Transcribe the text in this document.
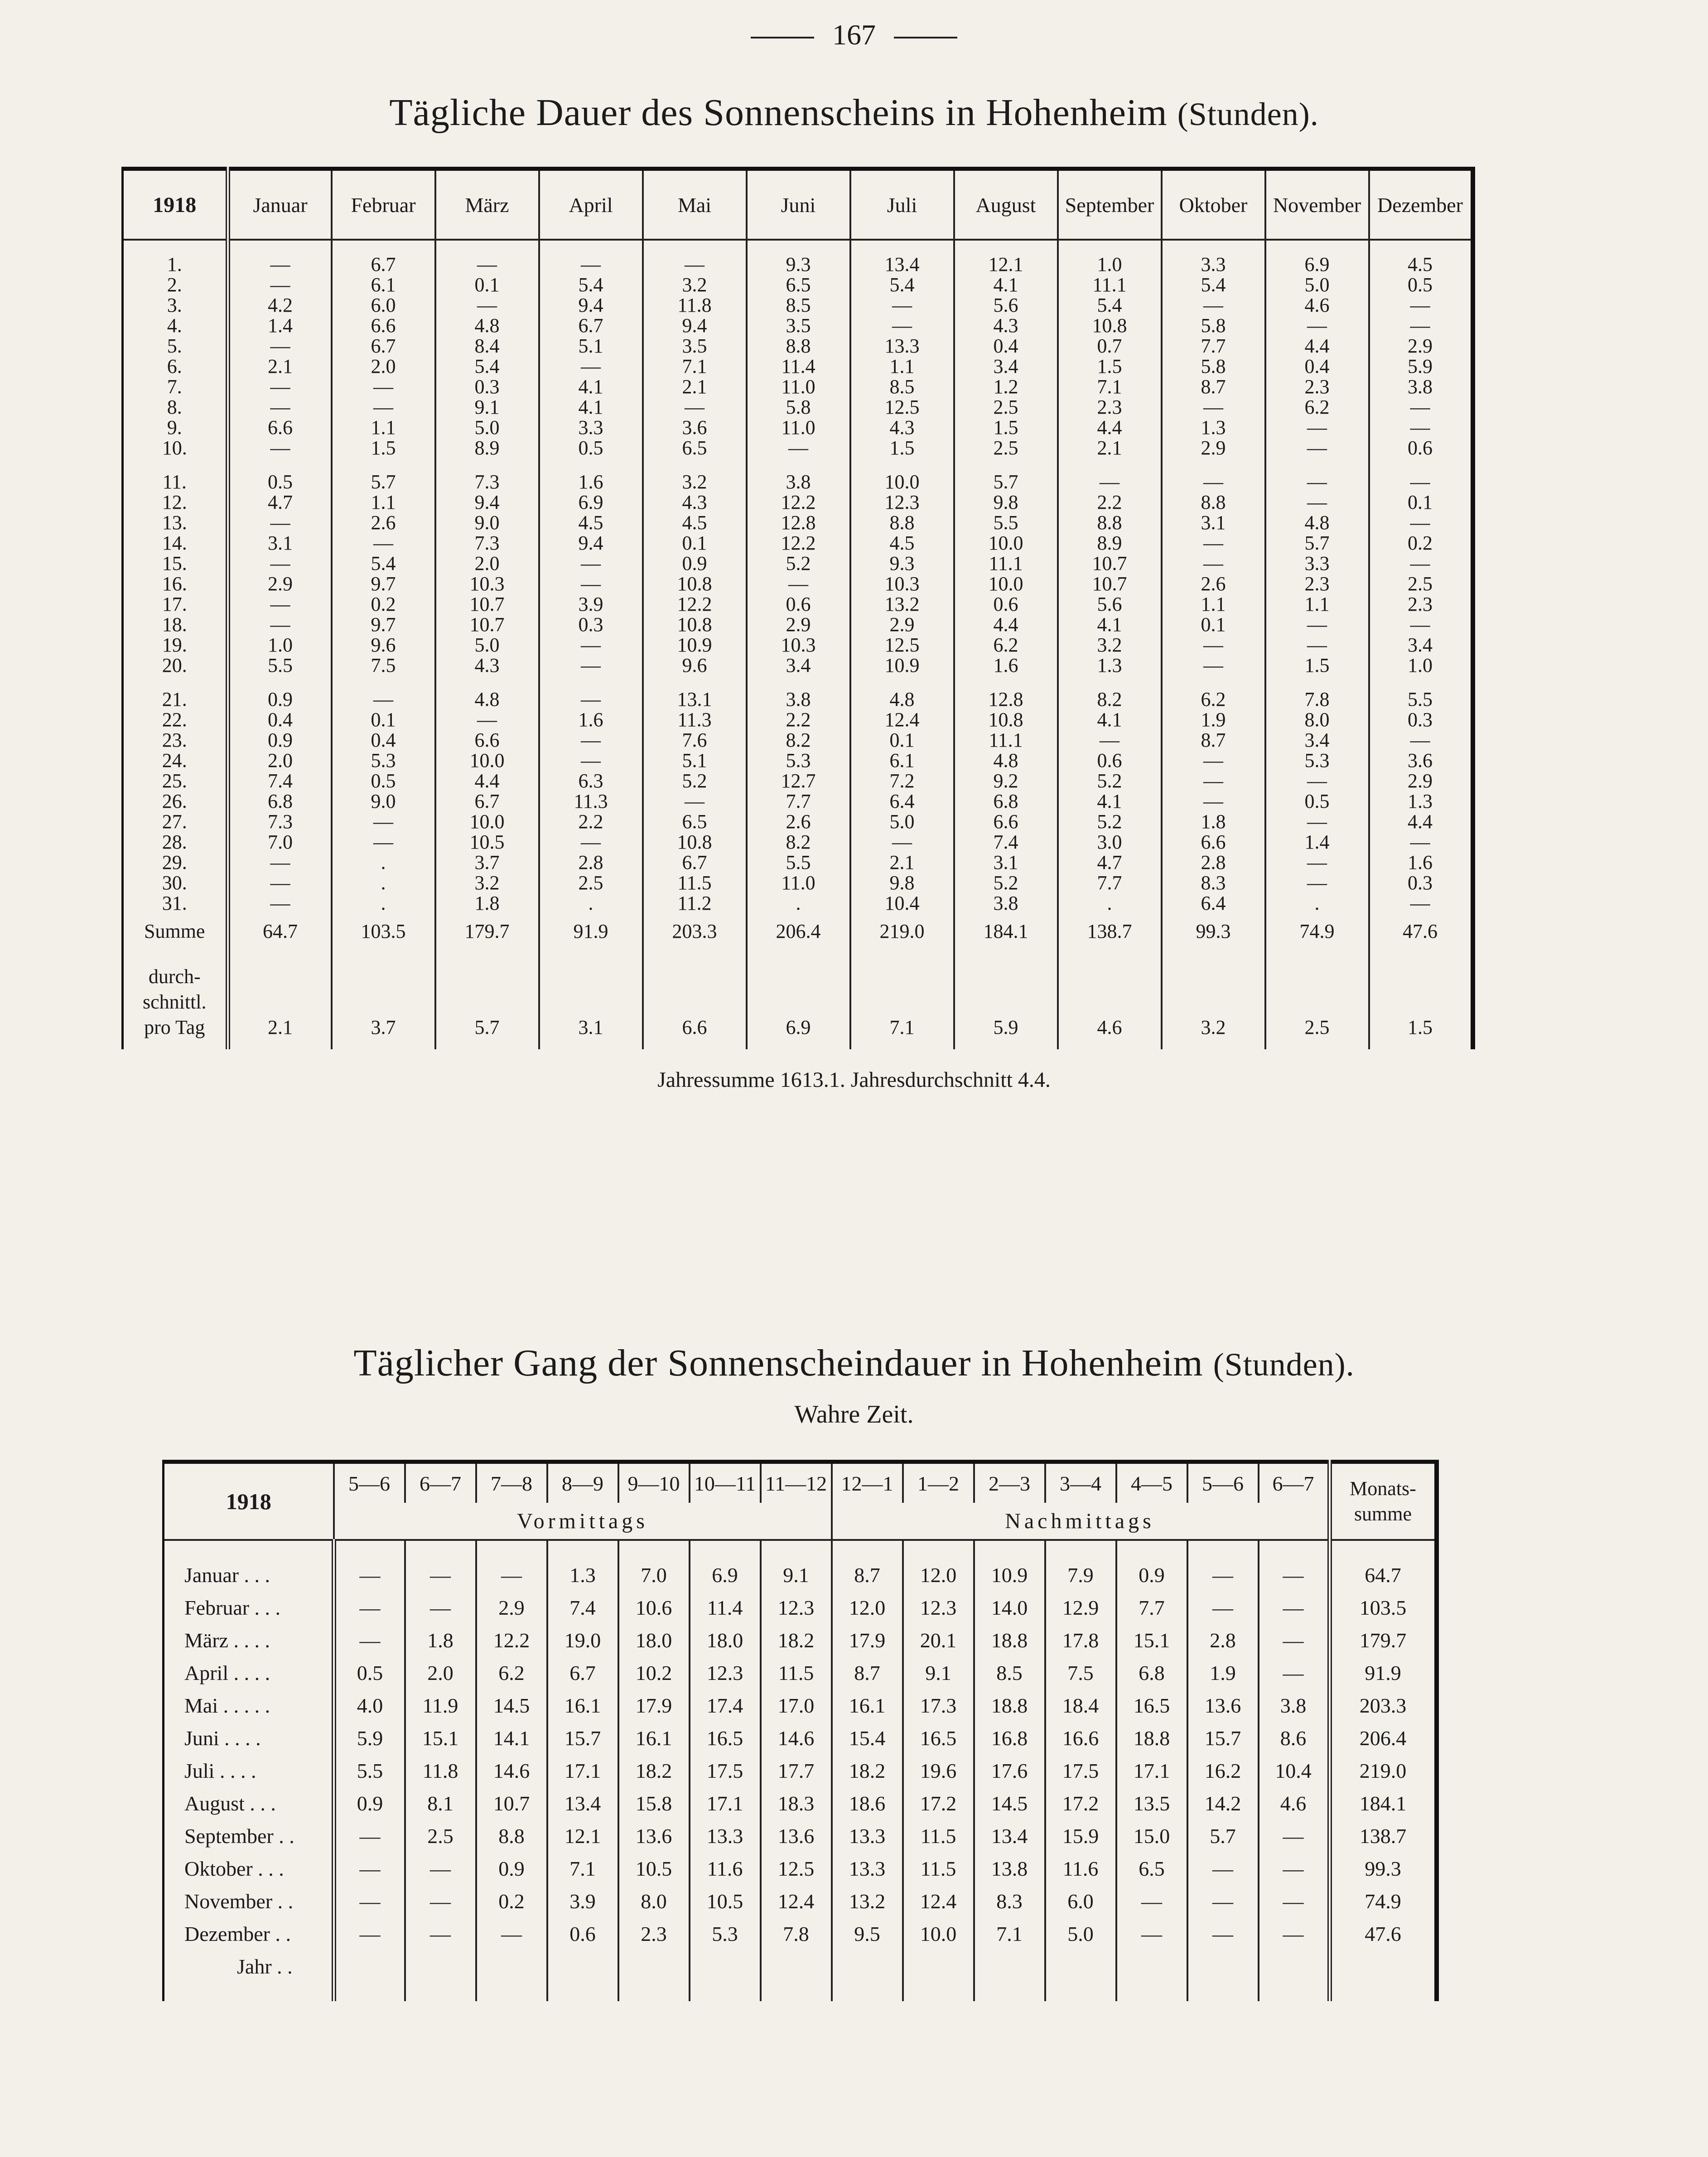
167
Tägliche Dauer des Sonnenscheins in Hohenheim (Stunden).
1918	Januar	Februar	März	April	Mai	Juni	Juli	August	September	Oktober	November	Dezember

1.	—	6.7	—	—	—	9.3	13.4	12.1	1.0	3.3	6.9	4.5
2.	—	6.1	0.1	5.4	3.2	6.5	5.4	4.1	11.1	5.4	5.0	0.5
3.	4.2	6.0	—	9.4	11.8	8.5	—	5.6	5.4	—	4.6	—
4.	1.4	6.6	4.8	6.7	9.4	3.5	—	4.3	10.8	5.8	—	—
5.	—	6.7	8.4	5.1	3.5	8.8	13.3	0.4	0.7	7.7	4.4	2.9
6.	2.1	2.0	5.4	—	7.1	11.4	1.1	3.4	1.5	5.8	0.4	5.9
7.	—	—	0.3	4.1	2.1	11.0	8.5	1.2	7.1	8.7	2.3	3.8
8.	—	—	9.1	4.1	—	5.8	12.5	2.5	2.3	—	6.2	—
9.	6.6	1.1	5.0	3.3	3.6	11.0	4.3	1.5	4.4	1.3	—	—
10.	—	1.5	8.9	0.5	6.5	—	1.5	2.5	2.1	2.9	—	0.6

11.	0.5	5.7	7.3	1.6	3.2	3.8	10.0	5.7	—	—	—	—
12.	4.7	1.1	9.4	6.9	4.3	12.2	12.3	9.8	2.2	8.8	—	0.1
13.	—	2.6	9.0	4.5	4.5	12.8	8.8	5.5	8.8	3.1	4.8	—
14.	3.1	—	7.3	9.4	0.1	12.2	4.5	10.0	8.9	—	5.7	0.2
15.	—	5.4	2.0	—	0.9	5.2	9.3	11.1	10.7	—	3.3	—
16.	2.9	9.7	10.3	—	10.8	—	10.3	10.0	10.7	2.6	2.3	2.5
17.	—	0.2	10.7	3.9	12.2	0.6	13.2	0.6	5.6	1.1	1.1	2.3
18.	—	9.7	10.7	0.3	10.8	2.9	2.9	4.4	4.1	0.1	—	—
19.	1.0	9.6	5.0	—	10.9	10.3	12.5	6.2	3.2	—	—	3.4
20.	5.5	7.5	4.3	—	9.6	3.4	10.9	1.6	1.3	—	1.5	1.0

21.	0.9	—	4.8	—	13.1	3.8	4.8	12.8	8.2	6.2	7.8	5.5
22.	0.4	0.1	—	1.6	11.3	2.2	12.4	10.8	4.1	1.9	8.0	0.3
23.	0.9	0.4	6.6	—	7.6	8.2	0.1	11.1	—	8.7	3.4	—
24.	2.0	5.3	10.0	—	5.1	5.3	6.1	4.8	0.6	—	5.3	3.6
25.	7.4	0.5	4.4	6.3	5.2	12.7	7.2	9.2	5.2	—	—	2.9
26.	6.8	9.0	6.7	11.3	—	7.7	6.4	6.8	4.1	—	0.5	1.3
27.	7.3	—	10.0	2.2	6.5	2.6	5.0	6.6	5.2	1.8	—	4.4
28.	7.0	—	10.5	—	10.8	8.2	—	7.4	3.0	6.6	1.4	—
29.	—	.	3.7	2.8	6.7	5.5	2.1	3.1	4.7	2.8	—	1.6
30.	—	.	3.2	2.5	11.5	11.0	9.8	5.2	7.7	8.3	—	0.3
31.	—	.	1.8	.	11.2	.	10.4	3.8	.	6.4	.	—
Summe	64.7	103.5	179.7	91.9	203.3	206.4	219.0	184.1	138.7	99.3	74.9	47.6

durch-
schnittl.
pro Tag	2.1	3.7	5.7	3.1	6.6	6.9	7.1	5.9	4.6	3.2	2.5	1.5
Jahressumme 1613.1. Jahresdurchschnitt 4.4.
Täglicher Gang der Sonnenscheindauer in Hohenheim (Stunden).
Wahre Zeit.
1918	5—6	6—7	7—8	8—9	9—10	10—11	11—12	12—1	1—2	2—3	3—4	4—5	5—6	6—7	Monats-
summe

	Vormittags							Nachmittags							

Januar . . .	—	—	—	1.3	7.0	6.9	9.1	8.7	12.0	10.9	7.9	0.9	—	—	64.7
Februar . . .	—	—	2.9	7.4	10.6	11.4	12.3	12.0	12.3	14.0	12.9	7.7	—	—	103.5
März . . . .	—	1.8	12.2	19.0	18.0	18.0	18.2	17.9	20.1	18.8	17.8	15.1	2.8	—	179.7
April . . . .	0.5	2.0	6.2	6.7	10.2	12.3	11.5	8.7	9.1	8.5	7.5	6.8	1.9	—	91.9
Mai . . . . .	4.0	11.9	14.5	16.1	17.9	17.4	17.0	16.1	17.3	18.8	18.4	16.5	13.6	3.8	203.3
Juni . . . .	5.9	15.1	14.1	15.7	16.1	16.5	14.6	15.4	16.5	16.8	16.6	18.8	15.7	8.6	206.4
Juli . . . .	5.5	11.8	14.6	17.1	18.2	17.5	17.7	18.2	19.6	17.6	17.5	17.1	16.2	10.4	219.0
August . . .	0.9	8.1	10.7	13.4	15.8	17.1	18.3	18.6	17.2	14.5	17.2	13.5	14.2	4.6	184.1
September . .	—	2.5	8.8	12.1	13.6	13.3	13.6	13.3	11.5	13.4	15.9	15.0	5.7	—	138.7
Oktober . . .	—	—	0.9	7.1	10.5	11.6	12.5	13.3	11.5	13.8	11.6	6.5	—	—	99.3
November . .	—	—	0.2	3.9	8.0	10.5	12.4	13.2	12.4	8.3	6.0	—	—	—	74.9
Dezember . .	—	—	—	0.6	2.3	5.3	7.8	9.5	10.0	7.1	5.0	—	—	—	47.6
Jahr . .															
